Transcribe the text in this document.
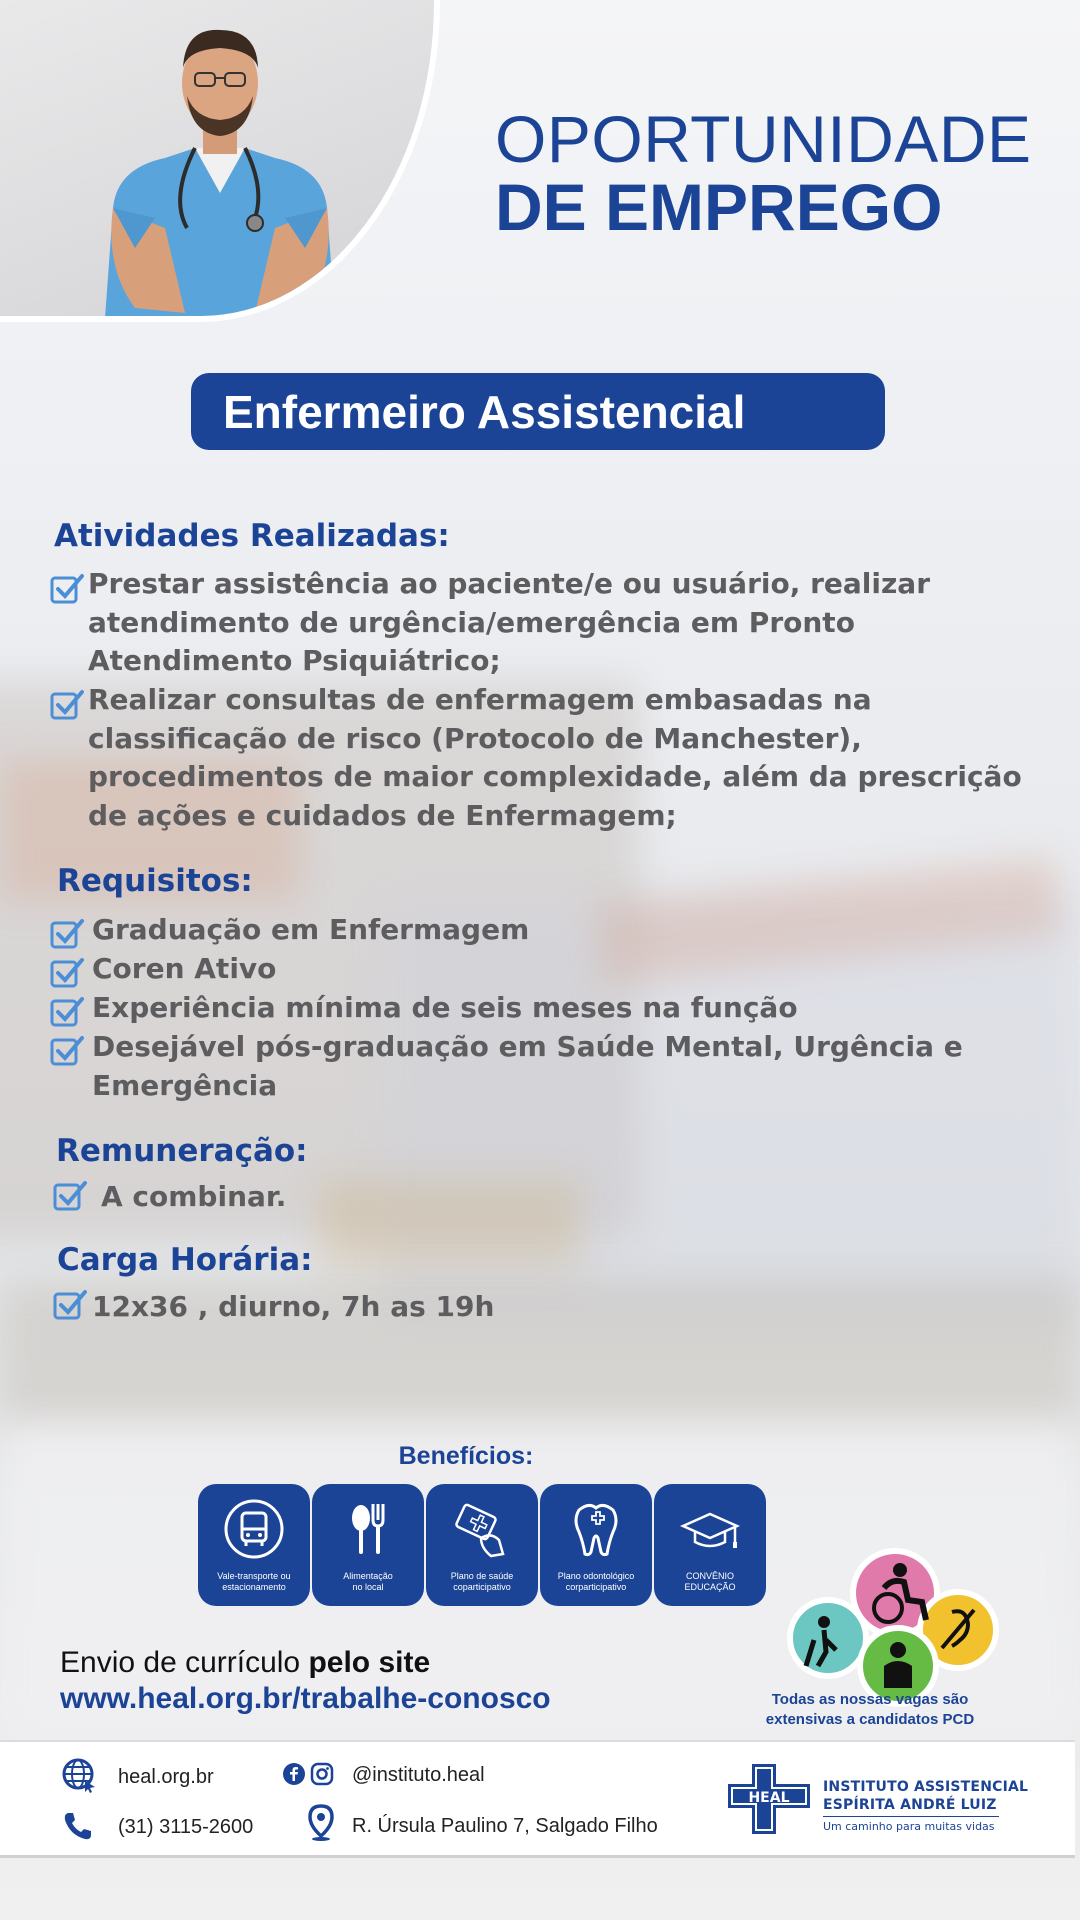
OPORTUNIDADE
DE EMPREGO
Enfermeiro Assistencial
Atividades Realizadas:
Prestar assistência ao paciente/e ou usuário, realizar
atendimento de urgência/emergência em Pronto
Atendimento Psiquiátrico;
Realizar consultas de enfermagem embasadas na
classificação de risco (Protocolo de Manchester),
procedimentos de maior complexidade, além da prescrição
de ações e cuidados de Enfermagem;
Requisitos:
Graduação em Enfermagem
Coren Ativo
Experiência mínima de seis meses na função
Desejável pós-graduação em Saúde Mental, Urgência e
Emergência
Remuneração:
A combinar.
Carga Horária:
12x36 , diurno, 7h as 19h
Benefícios:
Vale-transporte ou
estacionamento
Alimentação
no local
Plano de saúde
coparticipativo
Plano odontológico
corparticipativo
CONVÊNIO
EDUCAÇÃO
Envio de currículo pelo site
www.heal.org.br/trabalhe-conosco	Todas as nossas vagas são
extensivas a candidatos PCD
heal.org.br	@instituto.heal
(31) 3115-2600	R. Úrsula Paulino 7, Salgado Filho
HEAL
INSTITUTO ASSISTENCIAL
ESPÍRITA ANDRÉ LUIZ
Um caminho para muitas vidas
